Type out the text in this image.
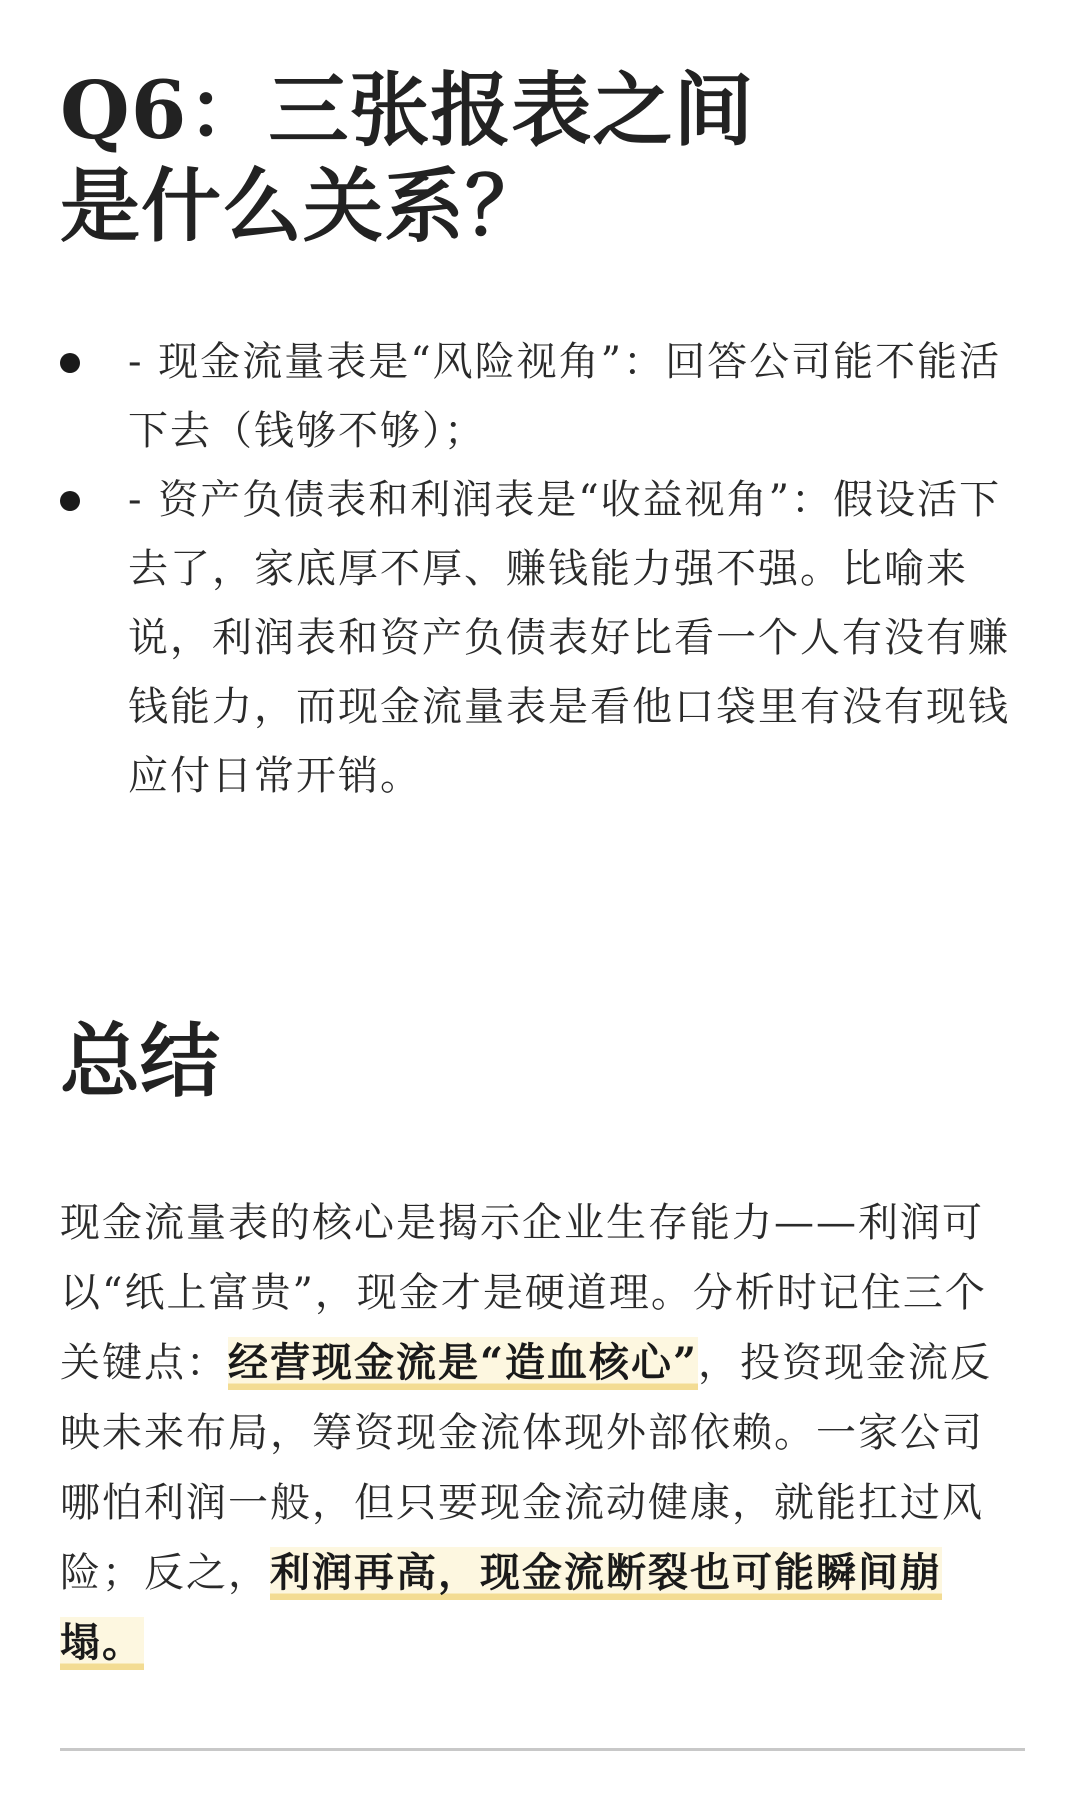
Q6：三张报表之间
是什么关系？
- 现金流量表是“风险视角”：回答公司能不能活下去（钱够不够）；
- 资产负债表和利润表是“收益视角”：假设活下去了，家底厚不厚、赚钱能力强不强。比喻来说，利润表和资产负债表好比看一个人有没有赚钱能力，而现金流量表是看他口袋里有没有现钱应付日常开销。
总结

现金流量表的核心是揭示企业生存能力——利润可以“纸上富贵”，现金才是硬道理。分析时记住三个关键点：经营现金流是“造血核心”，投资现金流反映未来布局，筹资现金流体现外部依赖。一家公司哪怕利润一般，但只要现金流动健康，就能扛过风险；反之，利润再高，现金流断裂也可能瞬间崩塌。
